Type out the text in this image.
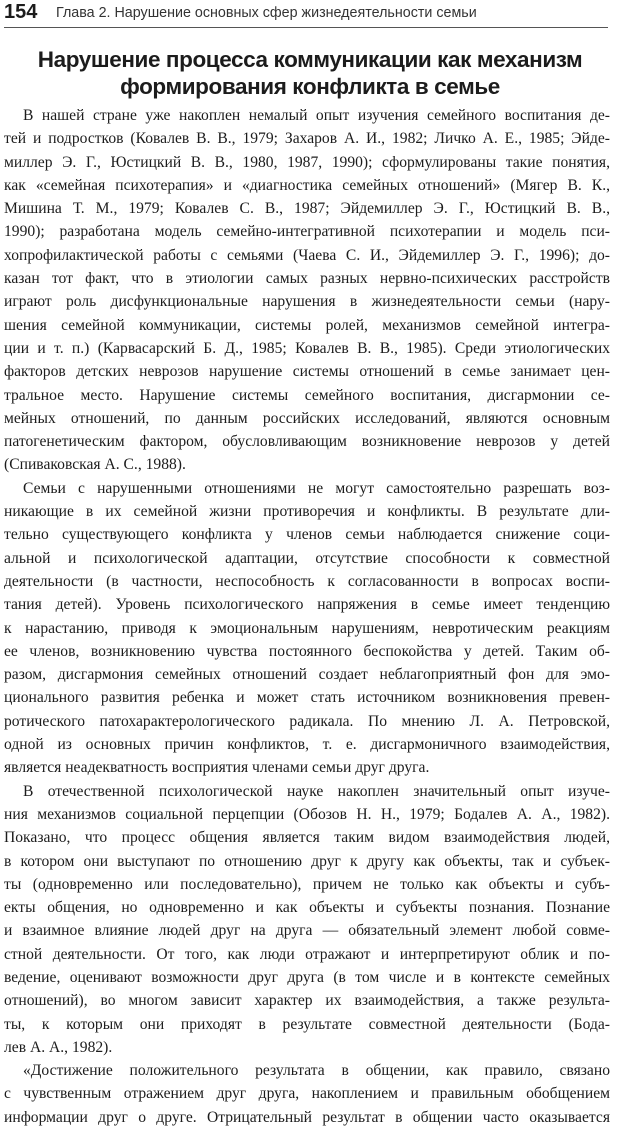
154 Глава 2. Нарушение основных сфер жизнедеятельности семьи
Нарушение процесса коммуникации как механизм
формирования конфликта в семье

В нашей стране уже накоплен немалый опыт изучения семейного воспитания де-
тей и подростков (Ковалев В. В., 1979; Захаров А. И., 1982; Личко А. Е., 1985; Эйде-
миллер Э. Г., Юстицкий В. В., 1980, 1987, 1990); сформулированы такие понятия,
как «семейная психотерапия» и «диагностика семейных отношений» (Мягер В. К.,
Мишина Т. М., 1979; Ковалев С. В., 1987; Эйдемиллер Э. Г., Юстицкий В. В.,
1990); разработана модель семейно-интегративной психотерапии и модель пси-
хопрофилактической работы с семьями (Чаева С. И., Эйдемиллер Э. Г., 1996); до-
казан тот факт, что в этиологии самых разных нервно-психических расстройств
играют роль дисфункциональные нарушения в жизнедеятельности семьи (нару-
шения семейной коммуникации, системы ролей, механизмов семейной интегра-
ции и т. п.) (Карвасарский Б. Д., 1985; Ковалев В. В., 1985). Среди этиологических
факторов детских неврозов нарушение системы отношений в семье занимает цен-
тральное место. Нарушение системы семейного воспитания, дисгармонии се-
мейных отношений, по данным российских исследований, являются основным
патогенетическим фактором, обусловливающим возникновение неврозов у детей
(Спиваковская А. С., 1988).

Семьи с нарушенными отношениями не могут самостоятельно разрешать воз-
никающие в их семейной жизни противоречия и конфликты. В результате дли-
тельно существующего конфликта у членов семьи наблюдается снижение соци-
альной и психологической адаптации, отсутствие способности к совместной
деятельности (в частности, неспособность к согласованности в вопросах воспи-
тания детей). Уровень психологического напряжения в семье имеет тенденцию
к нарастанию, приводя к эмоциональным нарушениям, невротическим реакциям
ее членов, возникновению чувства постоянного беспокойства у детей. Таким об-
разом, дисгармония семейных отношений создает неблагоприятный фон для эмо-
ционального развития ребенка и может стать источником возникновения превен-
ротического патохарактерологического радикала. По мнению Л. А. Петровской,
одной из основных причин конфликтов, т. е. дисгармоничного взаимодействия,
является неадекватность восприятия членами семьи друг друга.

В отечественной психологической науке накоплен значительный опыт изуче-
ния механизмов социальной перцепции (Обозов Н. Н., 1979; Бодалев А. А., 1982).
Показано, что процесс общения является таким видом взаимодействия людей,
в котором они выступают по отношению друг к другу как объекты, так и субъек-
ты (одновременно или последовательно), причем не только как объекты и субъ-
екты общения, но одновременно и как объекты и субъекты познания. Познание
и взаимное влияние людей друг на друга — обязательный элемент любой совме-
стной деятельности. От того, как люди отражают и интерпретируют облик и по-
ведение, оценивают возможности друг друга (в том числе и в контексте семейных
отношений), во многом зависит характер их взаимодействия, а также результа-
ты, к которым они приходят в результате совместной деятельности (Бода-
лев А. А., 1982).

«Достижение положительного результата в общении, как правило, связано
с чувственным отражением друг друга, накоплением и правильным обобщением
информации друг о друге. Отрицательный результат в общении часто оказывается
